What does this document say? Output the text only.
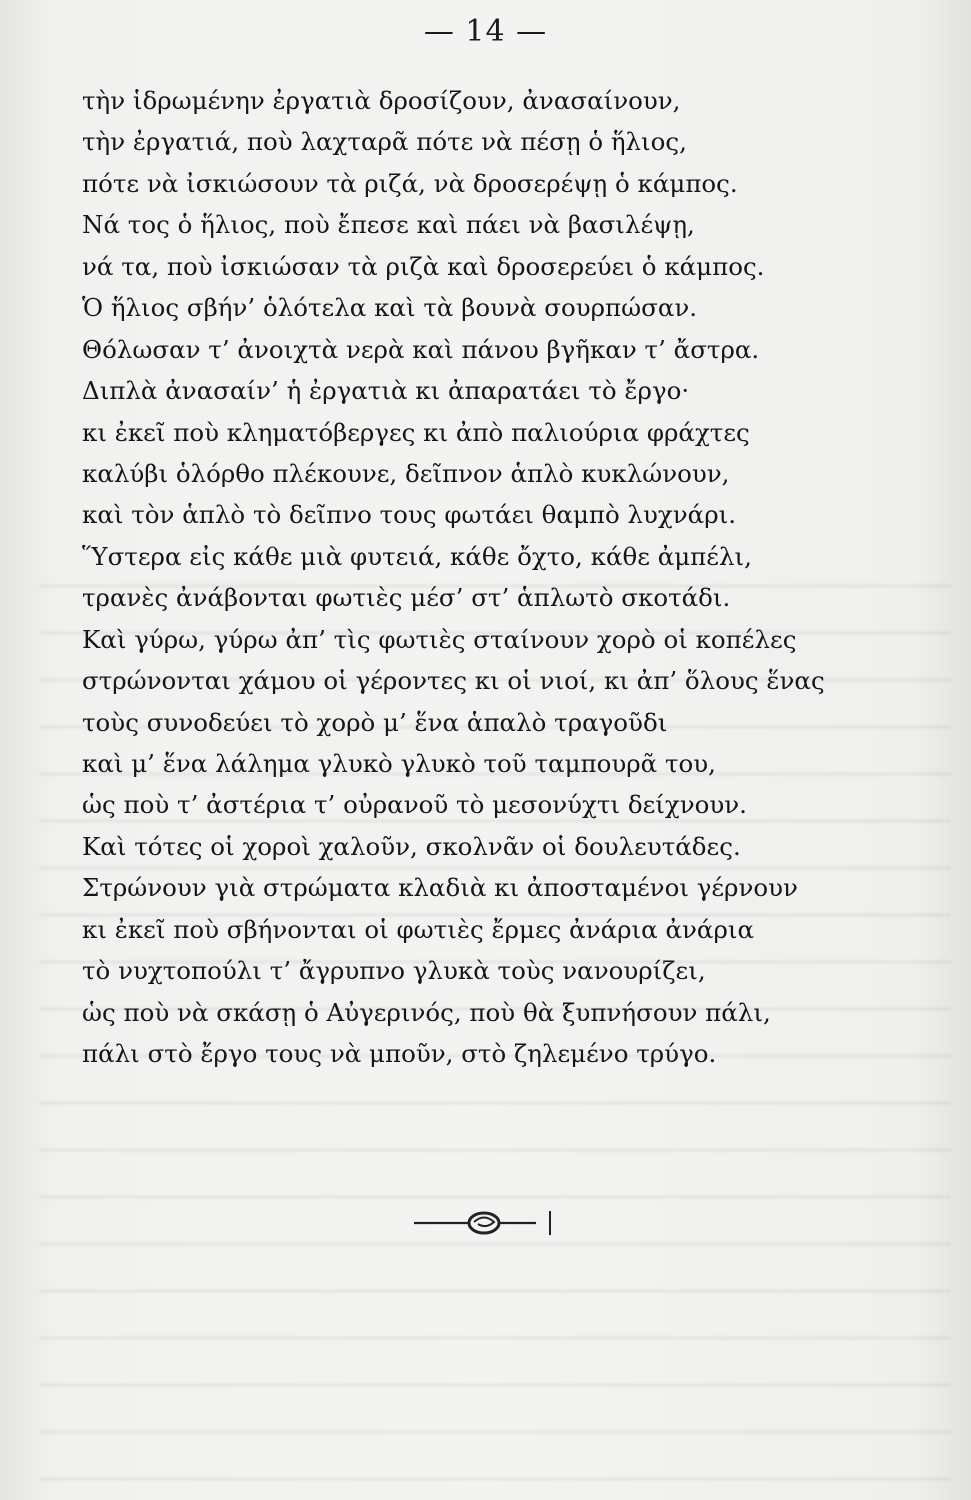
— 14 —
τὴν ἱδρωμένην ἐργατιὰ δροσίζουν, ἀνασαίνουν,
τὴν ἐργατιά, ποὺ λαχταρᾶ πότε νὰ πέσῃ ὁ ἥλιος,
πότε νὰ ἰσκιώσουν τὰ ριζά, νὰ δροσερέψῃ ὁ κάμπος.
Νά τος ὁ ἥλιος, ποὺ ἔπεσε καὶ πάει νὰ βασιλέψῃ,
νά τα, ποὺ ἰσκιώσαν τὰ ριζὰ καὶ δροσερεύει ὁ κάμπος.
Ὁ ἥλιος σβήν’ ὁλότελα καὶ τὰ βουνὰ σουρπώσαν.
Θόλωσαν τ’ ἀνοιχτὰ νερὰ καὶ πάνου βγῆκαν τ’ ἄστρα.
Διπλὰ ἀνασαίν’ ἡ ἐργατιὰ κι ἀπαρατάει τὸ ἔργο·
κι ἐκεῖ ποὺ κληματόβεργες κι ἀπὸ παλιούρια φράχτες
καλύβι ὁλόρθο πλέκουνε, δεῖπνον ἁπλὸ κυκλώνουν,
καὶ τὸν ἁπλὸ τὸ δεῖπνο τους φωτάει θαμπὸ λυχνάρι.
Ὕστερα εἰς κάθε μιὰ φυτειά, κάθε ὄχτο, κάθε ἀμπέλι,
τρανὲς ἀνάβονται φωτιὲς μέσ’ στ’ ἁπλωτὸ σκοτάδι.
Καὶ γύρω, γύρω ἀπ’ τὶς φωτιὲς σταίνουν χορὸ οἱ κοπέλες
στρώνονται χάμου οἱ γέροντες κι οἱ νιοί, κι ἀπ’ ὅλους ἕνας
τοὺς συνοδεύει τὸ χορὸ μ’ ἕνα ἁπαλὸ τραγοῦδι
καὶ μ’ ἕνα λάλημα γλυκὸ γλυκὸ τοῦ ταμπουρᾶ του,
ὡς ποὺ τ’ ἀστέρια τ’ οὐρανοῦ τὸ μεσονύχτι δείχνουν.
Καὶ τότες οἱ χοροὶ χαλοῦν, σκολνᾶν οἱ δουλευτάδες.
Στρώνουν γιὰ στρώματα κλαδιὰ κι ἀποσταμένοι γέρνουν
κι ἐκεῖ ποὺ σβήνονται οἱ φωτιὲς ἔρμες ἀνάρια ἀνάρια
τὸ νυχτοπούλι τ’ ἄγρυπνο γλυκὰ τοὺς νανουρίζει,
ὡς ποὺ νὰ σκάσῃ ὁ Αὐγερινός, ποὺ θὰ ξυπνήσουν πάλι,
πάλι στὸ ἔργο τους νὰ μποῦν, στὸ ζηλεμένο τρύγο.
